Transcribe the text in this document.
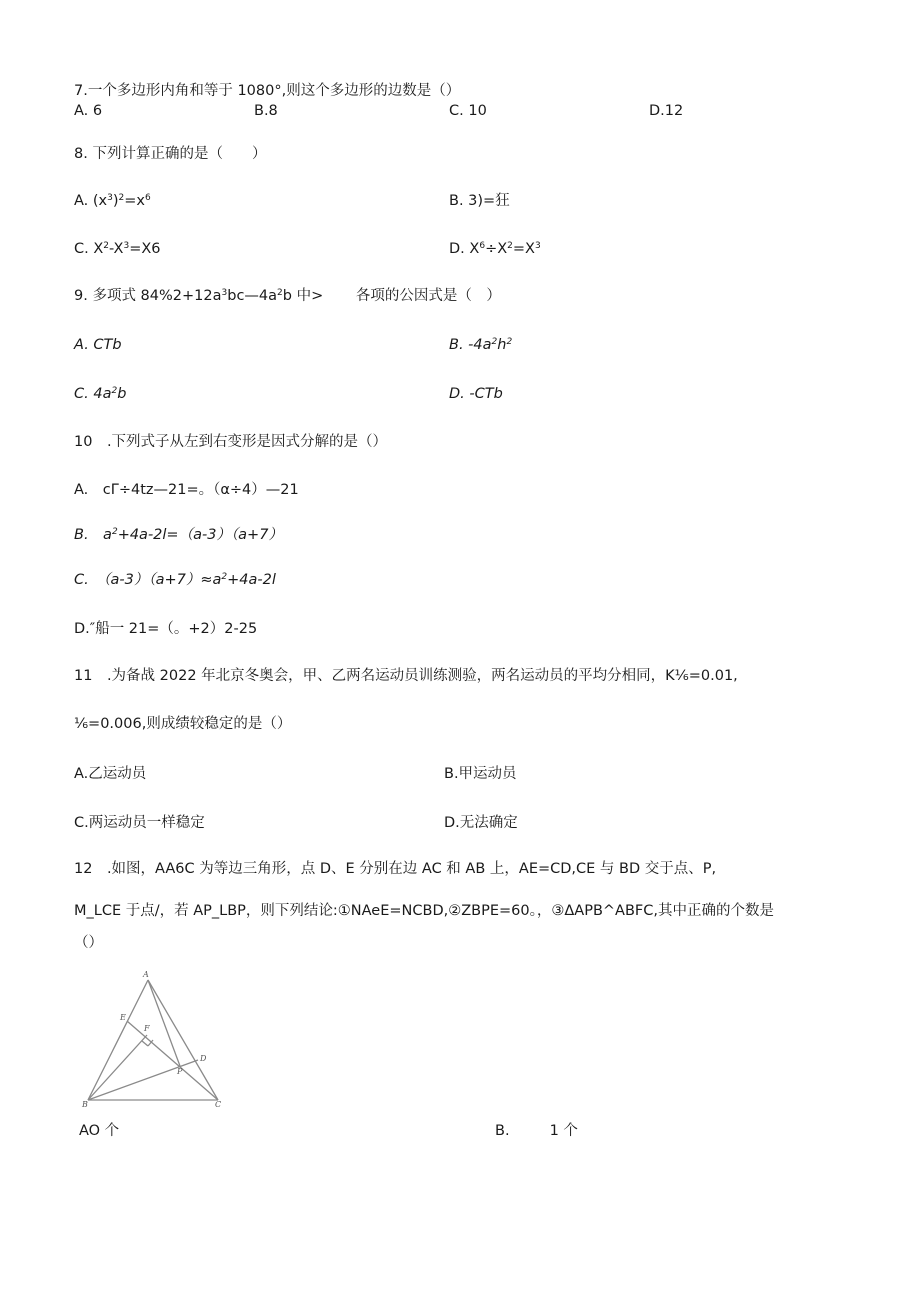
7.一个多边形内角和等于 1080°,则这个多边形的边数是（）
A. 6	B.8	C. 10	D.12
8. 下列计算正确的是（　　）
A. $(x^3)^2=x^6$	B. 3)=狂
C. $X^2-X^3=X6$	D. $X^6\div X^2=X^3$
9. 多项式 $84\%2+12a^3bc—4a^2b$ 中> 各项的公因式是（　）
A. CTb	B. $-4a^2h^2$
C. $4a^2b$	D. -CTb
10　.下列式子从左到右变形是因式分解的是（）
A.　cΓ÷4tz—21=。（α÷4）—21
B.　$a^2+4a-2l=(a-3)(a+7)$
C.　$(a-3)(a+7)\approx a^2+4a-2l$
D.″船一 21=（。+2）2-25
11　.为备战 2022 年北京冬奥会，甲、乙两名运动员训练测验，两名运动员的平均分相同，K⅙=0.01,
⅙=0.006,则成绩较稳定的是（）
A.乙运动员	B.甲运动员
C.两运动员一样稳定	D.无法确定
12　.如图，AA6C 为等边三角形，点 D、E 分别在边 AC 和 AB 上，AE=CD,CE 与 BD 交于点、P,
M_LCE 于点/，若 AP_LBP，则下列结论:①NAeE=NCBD,②ZBPE=60。，③ΔAPB^ABFC,其中正确的个数是
（）
A
B	C
D
E
F
P
AO 个	B.	1 个
